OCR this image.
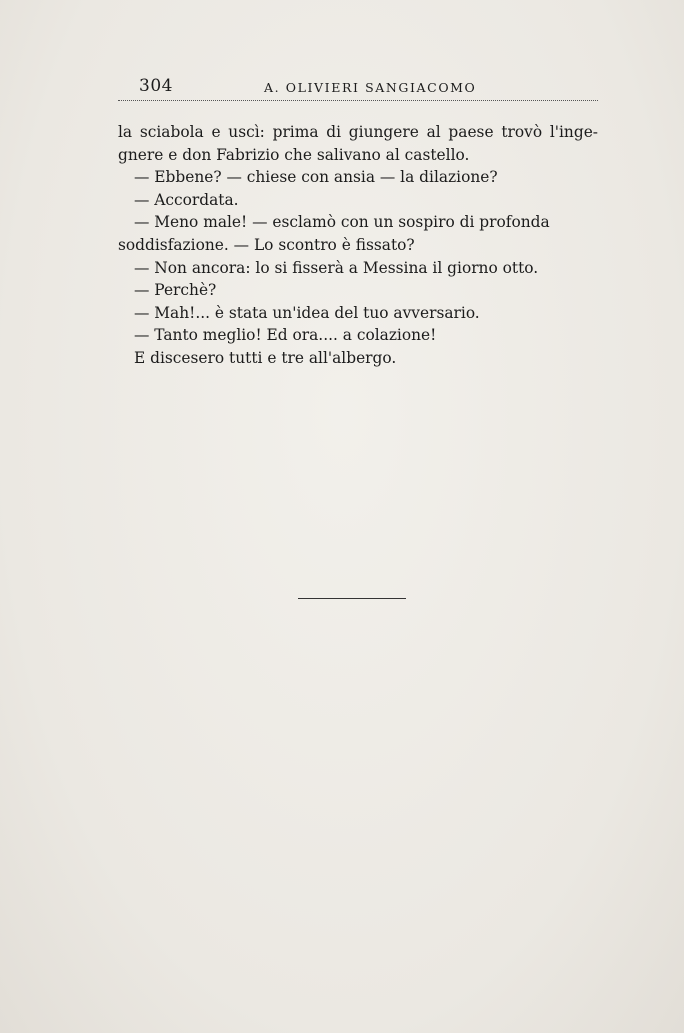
304	A. OLIVIERI SANGIACOMO
la sciabola e uscì: prima di giungere al paese trovò l'inge-
gnere e don Fabrizio che salivano al castello.
— Ebbene? — chiese con ansia — la dilazione?
— Accordata.
— Meno male! — esclamò con un sospiro di profonda
soddisfazione. — Lo scontro è fissato?
— Non ancora: lo si fisserà a Messina il giorno otto.
— Perchè?
— Mah!... è stata un'idea del tuo avversario.
— Tanto meglio! Ed ora.... a colazione!
E discesero tutti e tre all'albergo.
